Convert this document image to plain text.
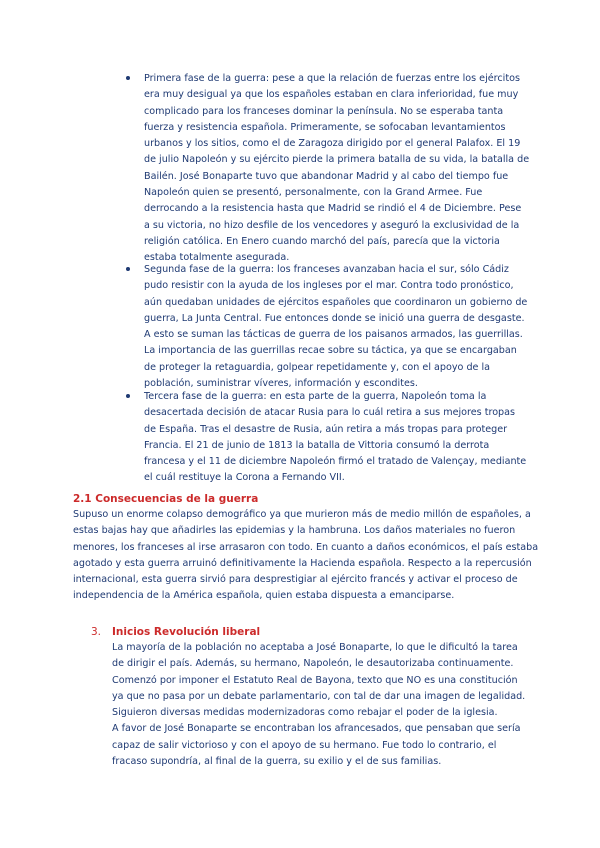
Primera fase de la guerra: pese a que la relación de fuerzas entre los ejércitos era muy desigual ya que los españoles estaban en clara inferioridad, fue muy complicado para los franceses dominar la península. No se esperaba tanta fuerza y resistencia española. Primeramente, se sofocaban levantamientos urbanos y los sitios, como el de Zaragoza dirigido por el general Palafox. El 19 de julio Napoleón y su ejército pierde la primera batalla de su vida, la batalla de Bailén. José Bonaparte tuvo que abandonar Madrid y al cabo del tiempo fue Napoleón quien se presentó, personalmente, con la Grand Armee. Fue derrocando a la resistencia hasta que Madrid se rindió el 4 de Diciembre. Pese a su victoria, no hizo desfile de los vencedores y aseguró la exclusividad de la religión católica. En Enero cuando marchó del país, parecía que la victoria estaba totalmente asegurada.

Segunda fase de la guerra: los franceses avanzaban hacia el sur, sólo Cádiz pudo resistir con la ayuda de los ingleses por el mar. Contra todo pronóstico, aún quedaban unidades de ejércitos españoles que coordinaron un gobierno de guerra, La Junta Central. Fue entonces donde se inició una guerra de desgaste. A esto se suman las tácticas de guerra de los paisanos armados, las guerrillas. La importancia de las guerrillas recae sobre su táctica, ya que se encargaban de proteger la retaguardia, golpear repetidamente y, con el apoyo de la población, suministrar víveres, información y escondites.

Tercera fase de la guerra: en esta parte de la guerra, Napoleón toma la desacertada decisión de atacar Rusia para lo cuál retira a sus mejores tropas de España. Tras el desastre de Rusia, aún retira a más tropas para proteger Francia. El 21 de junio de 1813 la batalla de Vittoria consumó la derrota francesa y el 11 de diciembre Napoleón firmó el tratado de Valençay, mediante el cuál restituye la Corona a Fernando VII.

2.1 Consecuencias de la guerra

Supuso un enorme colapso demográfico ya que murieron más de medio millón de españoles, a estas bajas hay que añadirles las epidemias y la hambruna. Los daños materiales no fueron menores, los franceses al irse arrasaron con todo. En cuanto a daños económicos, el país estaba agotado y esta guerra arruinó definitivamente la Hacienda española. Respecto a la repercusión internacional, esta guerra sirvió para desprestigiar al ejército francés y activar el proceso de independencia de la América española, quien estaba dispuesta a emanciparse.

3. Inicios Revolución liberal

La mayoría de la población no aceptaba a José Bonaparte, lo que le dificultó la tarea de dirigir el país. Además, su hermano, Napoleón, le desautorizaba continuamente. Comenzó por imponer el Estatuto Real de Bayona, texto que NO es una constitución ya que no pasa por un debate parlamentario, con tal de dar una imagen de legalidad. Siguieron diversas medidas modernizadoras como rebajar el poder de la iglesia.

A favor de José Bonaparte se encontraban los afrancesados, que pensaban que sería capaz de salir victorioso y con el apoyo de su hermano. Fue todo lo contrario, el fracaso supondría, al final de la guerra, su exilio y el de sus familias.
